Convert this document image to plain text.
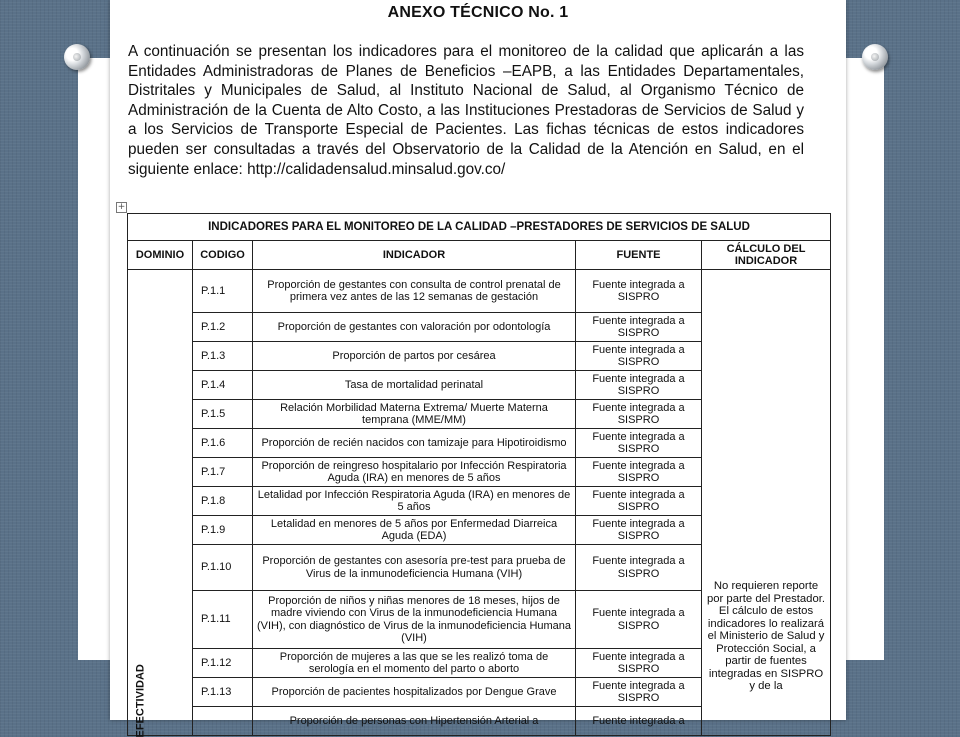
ANEXO TÉCNICO No. 1
A continuación se presentan los indicadores para el monitoreo de la calidad que aplicarán a las Entidades Administradoras de Planes de Beneficios –EAPB, a las Entidades Departamentales, Distritales y Municipales de Salud, al Instituto Nacional de Salud, al Organismo Técnico de Administración de la Cuenta de Alto Costo, a las Instituciones Prestadoras de Servicios de Salud y a los Servicios de Transporte Especial de Pacientes. Las fichas técnicas de estos indicadores pueden ser consultadas a través del Observatorio de la Calidad de la Atención en Salud, en el siguiente enlace: http://calidadensalud.minsalud.gov.co/
+
INDICADORES PARA EL MONITOREO DE LA CALIDAD –PRESTADORES DE SERVICIOS DE SALUD				
DOMINIO	CODIGO	INDICADOR	FUENTE	CÁLCULO DEL INDICADOR

EFECTIVIDAD	P.1.1	Proporción de gestantes con consulta de control prenatal de primera vez antes de las 12 semanas de gestación	Fuente integrada a SISPRO	No requieren reporte por parte del Prestador. El cálculo de estos indicadores lo realizará el Ministerio de Salud y Protección Social, a partir de fuentes integradas en SISPRO y de la
	P.1.2	Proporción de gestantes con valoración por odontología	Fuente integrada a SISPRO	
	P.1.3	Proporción de partos por cesárea	Fuente integrada a SISPRO	
	P.1.4	Tasa de mortalidad perinatal	Fuente integrada a SISPRO	
	P.1.5	Relación Morbilidad Materna Extrema/ Muerte Materna temprana (MME/MM)	Fuente integrada a SISPRO	
	P.1.6	Proporción de recién nacidos con tamizaje para Hipotiroidismo	Fuente integrada a SISPRO	
	P.1.7	Proporción de reingreso hospitalario por Infección Respiratoria Aguda (IRA) en menores de 5 años	Fuente integrada a SISPRO	
	P.1.8	Letalidad por Infección Respiratoria Aguda (IRA) en menores de 5 años	Fuente integrada a SISPRO	
	P.1.9	Letalidad en menores de 5 años por Enfermedad Diarreica Aguda (EDA)	Fuente integrada a SISPRO	
	P.1.10	Proporción de gestantes con asesoría pre-test para prueba de Virus de la inmunodeficiencia Humana (VIH)	Fuente integrada a SISPRO	
	P.1.11	Proporción de niños y niñas menores de 18 meses, hijos de madre viviendo con Virus de la inmunodeficiencia Humana (VIH), con diagnóstico de Virus de la inmunodeficiencia Humana (VIH)	Fuente integrada a SISPRO	
	P.1.12	Proporción de mujeres a las que se les realizó toma de serología en el momento del parto o aborto	Fuente integrada a SISPRO	
	P.1.13	Proporción de pacientes hospitalizados por Dengue Grave	Fuente integrada a SISPRO	
		Proporción de personas con Hipertensión Arterial a	Fuente integrada a	
